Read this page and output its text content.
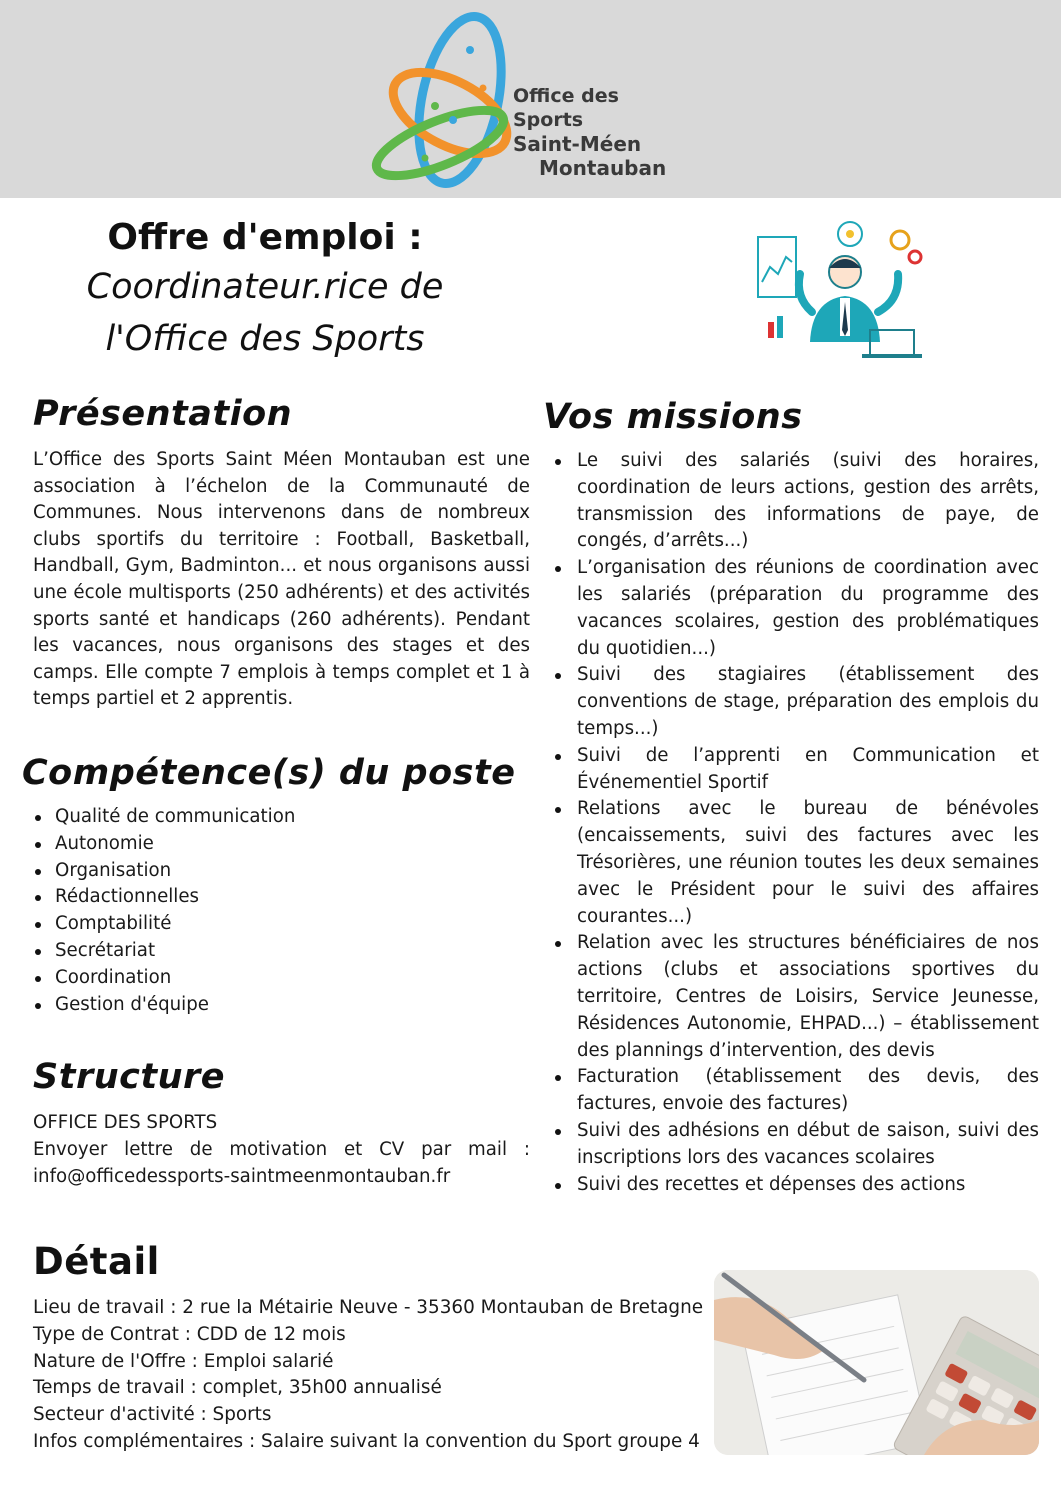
Office des Sports
Saint-Méen
Montauban
Offre d'emploi :
Coordinateur.rice de
l'Office des Sports
Présentation

L’Office des Sports Saint Méen Montauban est une association à l’échelon de la Communauté de Communes. Nous intervenons dans de nombreux clubs sportifs du territoire : Football, Basketball, Handball, Gym, Badminton... et nous organisons aussi une école multisports (250 adhérents) et des activités sports santé et handicaps (260 adhérents). Pendant les vacances, nous organisons des stages et des camps. Elle compte 7 emplois à temps complet et 1 à temps partiel et 2 apprentis.

Compétence(s) du poste
Qualité de communication
Autonomie
Organisation
Rédactionnelles
Comptabilité
Secrétariat
Coordination
Gestion d'équipe
Structure

OFFICE DES SPORTS

Envoyer lettre de motivation et CV par mail : info@officedessports-saintmeenmontauban.fr

Vos missions
Le suivi des salariés (suivi des horaires, coordination de leurs actions, gestion des arrêts, transmission des informations de paye, de congés, d’arrêts...)
L’organisation des réunions de coordination avec les salariés (préparation du programme des vacances scolaires, gestion des problématiques du quotidien...)
Suivi des stagiaires (établissement des conventions de stage, préparation des emplois du temps...)
Suivi de l’apprenti en Communication et Événementiel Sportif
Relations avec le bureau de bénévoles (encaissements, suivi des factures avec les Trésorières, une réunion toutes les deux semaines avec le Président pour le suivi des affaires courantes...)
Relation avec les structures bénéficiaires de nos actions (clubs et associations sportives du territoire, Centres de Loisirs, Service Jeunesse, Résidences Autonomie, EHPAD...) – établissement des plannings d’intervention, des devis
Facturation (établissement des devis, des factures, envoie des factures)
Suivi des adhésions en début de saison, suivi des inscriptions lors des vacances scolaires
Suivi des recettes et dépenses des actions
Détail
Lieu de travail : 2 rue la Métairie Neuve - 35360 Montauban de Bretagne
Type de Contrat : CDD de 12 mois
Nature de l'Offre : Emploi salarié
Temps de travail : complet, 35h00 annualisé
Secteur d'activité : Sports
Infos complémentaires : Salaire suivant la convention du Sport groupe 4
